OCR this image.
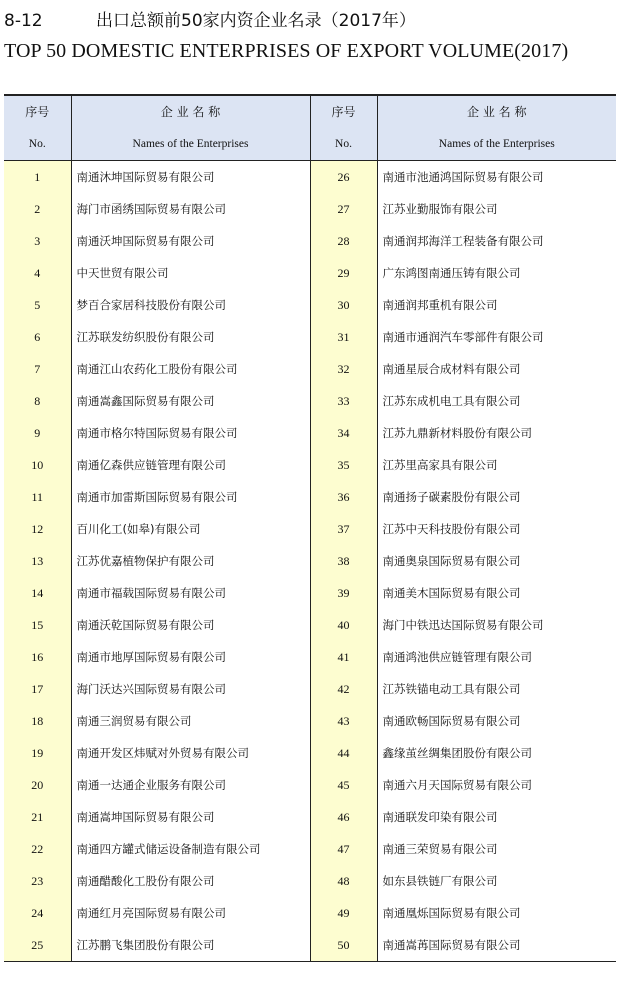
8-12	出口总额前50家内资企业名录（2017年）
TOP 50 DOMESTIC ENTERPRISES OF EXPORT VOLUME(2017)
序号	企 业 名 称	序号	企 业 名 称
No.	Names of the Enterprises	No.	Names of the Enterprises
1	南通沐坤国际贸易有限公司	26	南通市池通鸿国际贸易有限公司
2	海门市函绣国际贸易有限公司	27	江苏业勤服饰有限公司
3	南通沃坤国际贸易有限公司	28	南通润邦海洋工程装备有限公司
4	中天世贸有限公司	29	广东鸿图南通压铸有限公司
5	梦百合家居科技股份有限公司	30	南通润邦重机有限公司
6	江苏联发纺织股份有限公司	31	南通市通润汽车零部件有限公司
7	南通江山农药化工股份有限公司	32	南通星辰合成材料有限公司
8	南通嵩鑫国际贸易有限公司	33	江苏东成机电工具有限公司
9	南通市格尔特国际贸易有限公司	34	江苏九鼎新材料股份有限公司
10	南通亿森供应链管理有限公司	35	江苏里高家具有限公司
11	南通市加雷斯国际贸易有限公司	36	南通扬子碳素股份有限公司
12	百川化工(如皋)有限公司	37	江苏中天科技股份有限公司
13	江苏优嘉植物保护有限公司	38	南通奥泉国际贸易有限公司
14	南通市福载国际贸易有限公司	39	南通美木国际贸易有限公司
15	南通沃乾国际贸易有限公司	40	海门中铁迅达国际贸易有限公司
16	南通市地厚国际贸易有限公司	41	南通鸿池供应链管理有限公司
17	海门沃达兴国际贸易有限公司	42	江苏铁锚电动工具有限公司
18	南通三润贸易有限公司	43	南通欧畅国际贸易有限公司
19	南通开发区炜赋对外贸易有限公司	44	鑫缘茧丝绸集团股份有限公司
20	南通一达通企业服务有限公司	45	南通六月天国际贸易有限公司
21	南通嵩坤国际贸易有限公司	46	南通联发印染有限公司
22	南通四方罐式储运设备制造有限公司	47	南通三荣贸易有限公司
23	南通醋酸化工股份有限公司	48	如东县铁链厂有限公司
24	南通红月亮国际贸易有限公司	49	南通凰烁国际贸易有限公司
25	江苏鹏飞集团股份有限公司	50	南通嵩苒国际贸易有限公司
